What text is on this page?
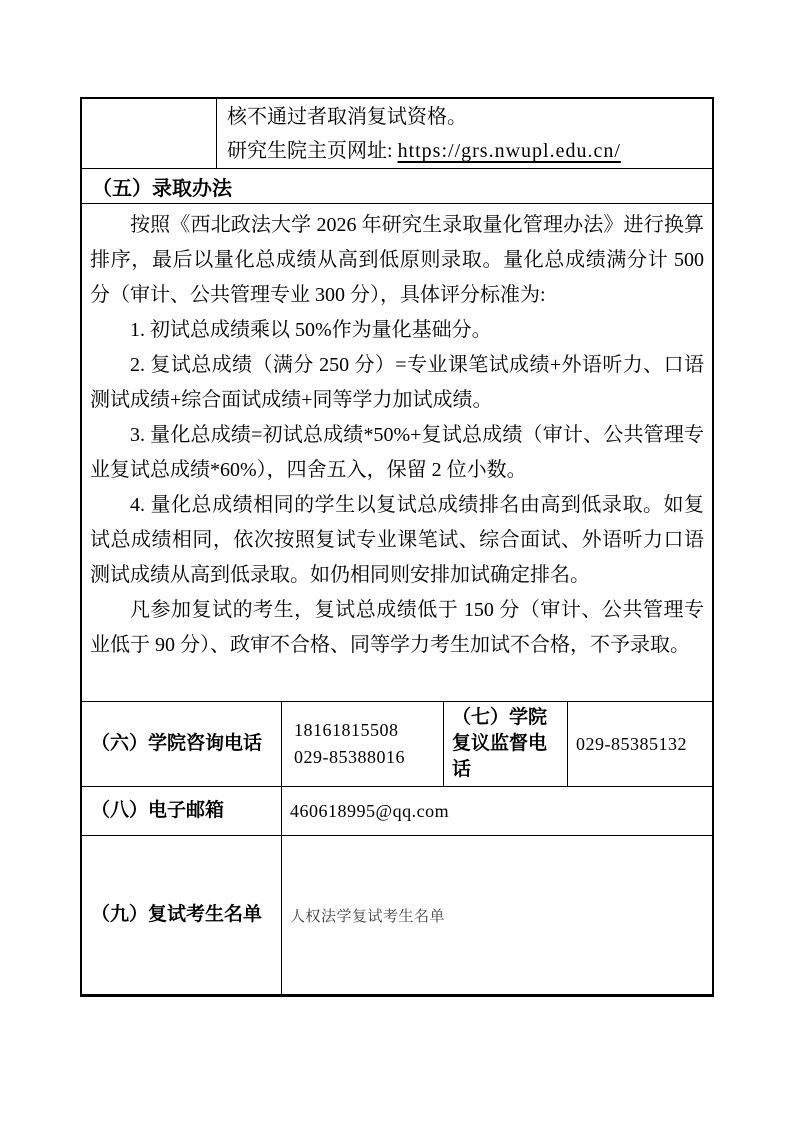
核不通过者取消复试资格。
研究生院主页网址: https://grs.nwupl.edu.cn/
（五）录取办法

按照《西北政法大学 2026 年研究生录取量化管理办法》进行换算排序，最后以量化总成绩从高到低原则录取。量化总成绩满分计 500 分（审计、公共管理专业 300 分），具体评分标准为:

1. 初试总成绩乘以 50%作为量化基础分。

2. 复试总成绩（满分 250 分）=专业课笔试成绩+外语听力、口语测试成绩+综合面试成绩+同等学力加试成绩。

3. 量化总成绩=初试总成绩*50%+复试总成绩（审计、公共管理专业复试总成绩*60%），四舍五入，保留 2 位小数。

4. 量化总成绩相同的学生以复试总成绩排名由高到低录取。如复试总成绩相同，依次按照复试专业课笔试、综合面试、外语听力口语测试成绩从高到低录取。如仍相同则安排加试确定排名。

凡参加复试的考生，复试总成绩低于 150 分（审计、公共管理专业低于 90 分）、政审不合格、同等学力考生加试不合格，不予录取。

（六）学院咨询电话
18161815508
029-85388016
（七）学院复议监督电话
029-85385132
（八）电子邮箱	460618995@qq.com
（九）复试考生名单	人权法学复试考生名单
